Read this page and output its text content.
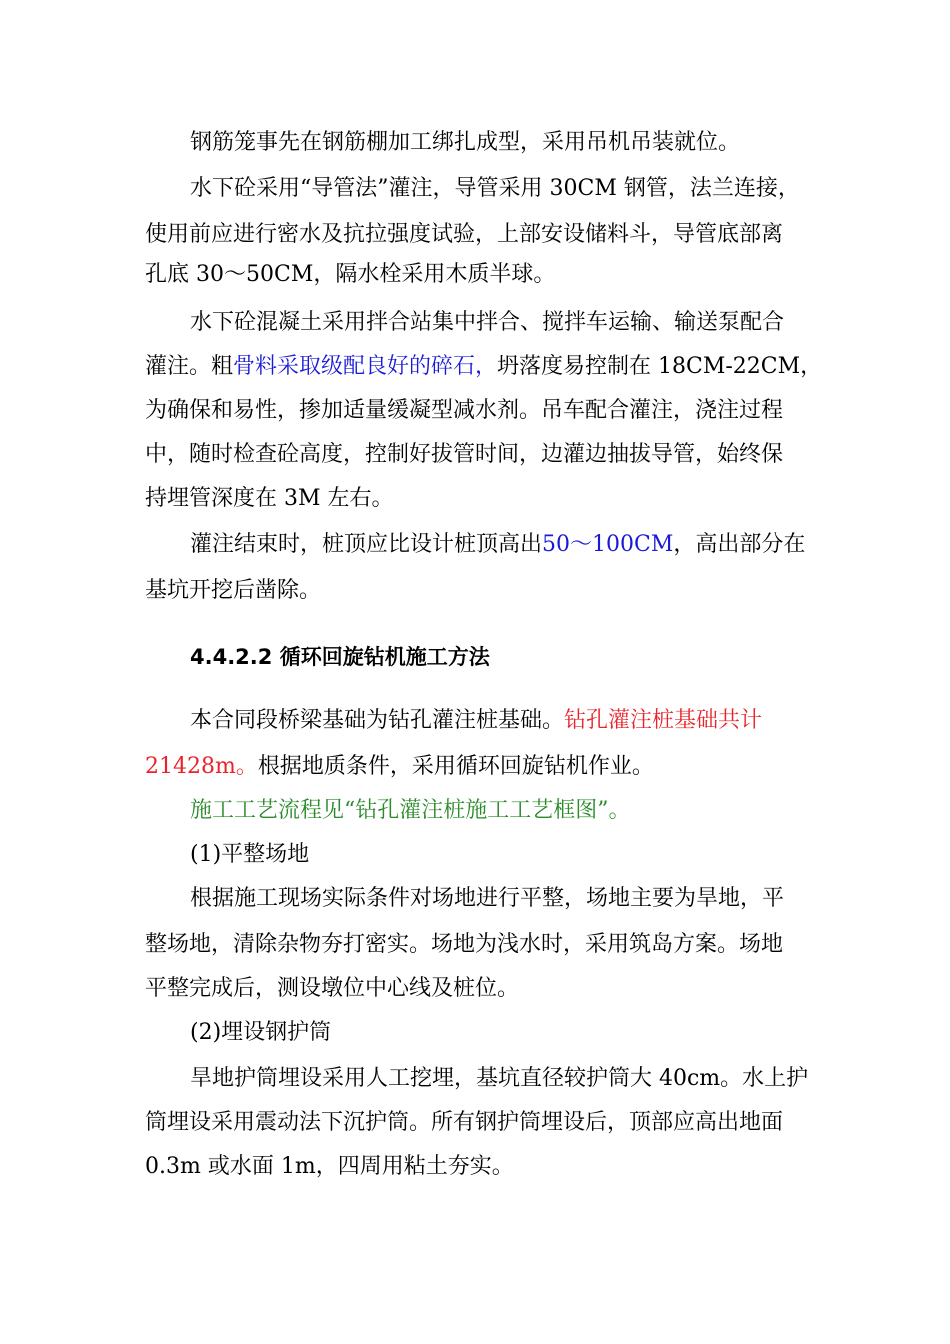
钢筋笼事先在钢筋棚加工绑扎成型，采用吊机吊装就位。
水下砼采用“导管法”灌注，导管采用 30CM 钢管，法兰连接，
使用前应进行密水及抗拉强度试验，上部安设储料斗，导管底部离
孔底 30～50CM，隔水栓采用木质半球。
水下砼混凝土采用拌合站集中拌合、搅拌车运输、输送泵配合
灌注。粗骨料采取级配良好的碎石，坍落度易控制在 18CM-22CM，
为确保和易性，掺加适量缓凝型减水剂。吊车配合灌注，浇注过程
中，随时检查砼高度，控制好拔管时间，边灌边抽拔导管，始终保
持埋管深度在 3M 左右。
灌注结束时，桩顶应比设计桩顶高出50～100CM，高出部分在
基坑开挖后凿除。
4.4.2.2 循环回旋钻机施工方法
本合同段桥梁基础为钻孔灌注桩基础。钻孔灌注桩基础共计
21428m。根据地质条件，采用循环回旋钻机作业。
施工工艺流程见“钻孔灌注桩施工工艺框图”。
(1)平整场地
根据施工现场实际条件对场地进行平整，场地主要为旱地，平
整场地，清除杂物夯打密实。场地为浅水时，采用筑岛方案。场地
平整完成后，测设墩位中心线及桩位。
(2)埋设钢护筒
旱地护筒埋设采用人工挖埋，基坑直径较护筒大 40cm。水上护
筒埋设采用震动法下沉护筒。所有钢护筒埋设后，顶部应高出地面
0.3m 或水面 1m，四周用粘土夯实。
